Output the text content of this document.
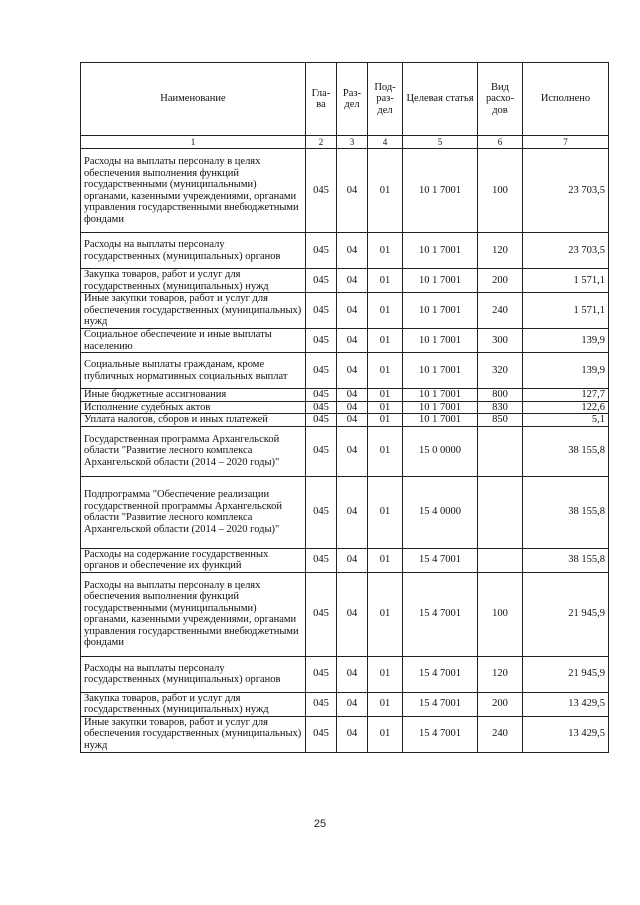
Наименование	Гла-ва	Раз-дел	Под-раз-дел	Целевая статья	Вид расхо-дов	Исполнено
1	2	3	4	5	6	7
Расходы на выплаты персоналу в целях обеспечения выполнения функций государственными (муниципальными) органами, казенными учреждениями, органами управления государственными внебюджетными фондами	045	04	01	10 1 7001	100	23 703,5
Расходы на выплаты персоналу государственных (муниципальных) органов	045	04	01	10 1 7001	120	23 703,5
Закупка товаров, работ и услуг для государственных (муниципальных) нужд	045	04	01	10 1 7001	200	1 571,1
Иные закупки товаров, работ и услуг для обеспечения государственных (муниципальных) нужд	045	04	01	10 1 7001	240	1 571,1
Социальное обеспечение и иные выплаты населению	045	04	01	10 1 7001	300	139,9
Социальные выплаты гражданам, кроме публичных нормативных социальных выплат	045	04	01	10 1 7001	320	139,9
Иные бюджетные ассигнования	045	04	01	10 1 7001	800	127,7
Исполнение судебных актов	045	04	01	10 1 7001	830	122,6
Уплата налогов, сборов и иных платежей	045	04	01	10 1 7001	850	5,1
Государственная программа Архангельской области "Развитие лесного комплекса Архангельской области (2014 – 2020 годы)"	045	04	01	15 0 0000		38 155,8
Подпрограмма "Обеспечение реализации государственной программы Архангельской области "Развитие лесного комплекса Архангельской области (2014 – 2020 годы)"	045	04	01	15 4 0000		38 155,8
Расходы на содержание государственных органов и обеспечение их функций	045	04	01	15 4 7001		38 155,8
Расходы на выплаты персоналу в целях обеспечения выполнения функций государственными (муниципальными) органами, казенными учреждениями, органами управления государственными внебюджетными фондами	045	04	01	15 4 7001	100	21 945,9
Расходы на выплаты персоналу государственных (муниципальных) органов	045	04	01	15 4 7001	120	21 945,9
Закупка товаров, работ и услуг для государственных (муниципальных) нужд	045	04	01	15 4 7001	200	13 429,5
Иные закупки товаров, работ и услуг для обеспечения государственных (муниципальных) нужд	045	04	01	15 4 7001	240	13 429,5
25
